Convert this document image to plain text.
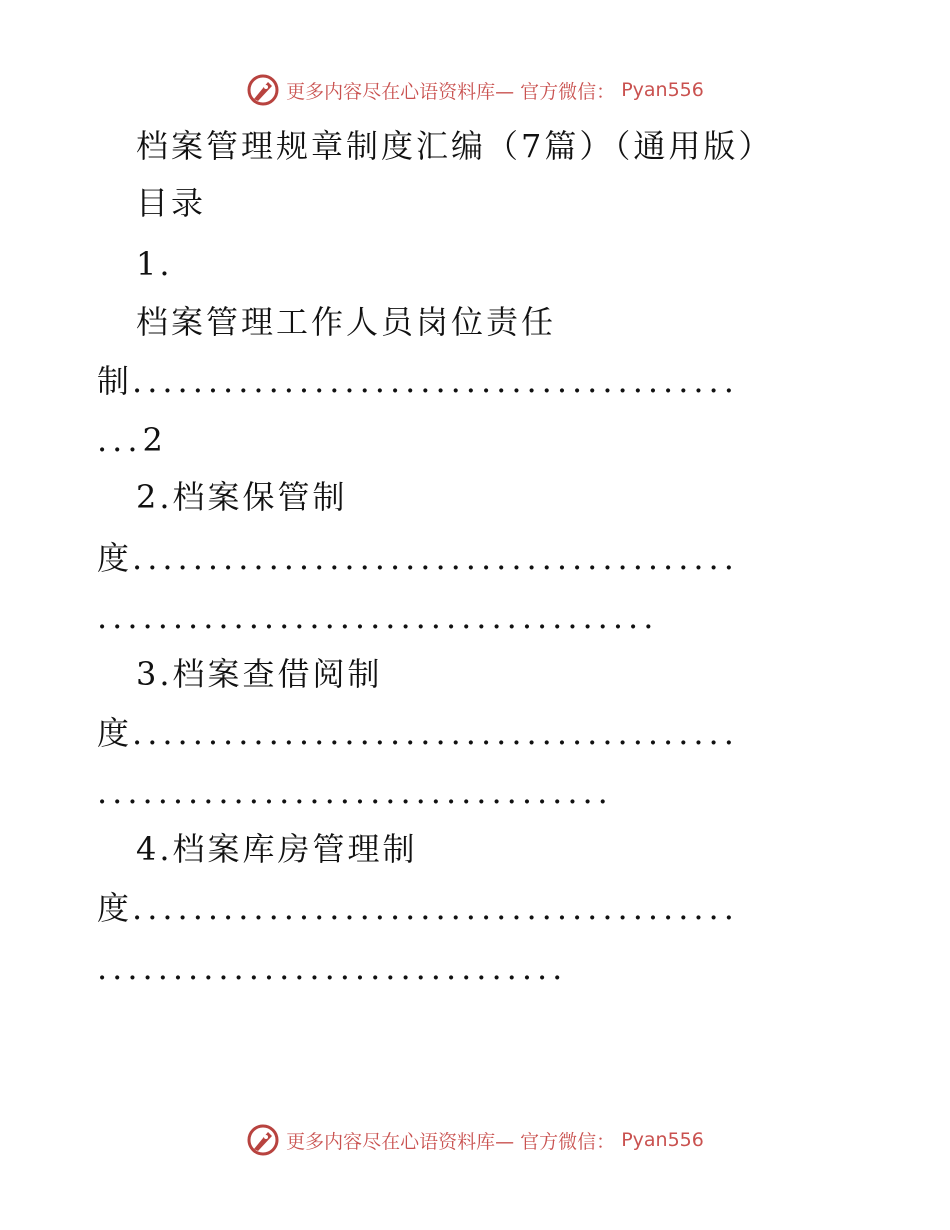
更多内容尽在心语资料库— 官方微信： Pyan556
档案管理规章制度汇编（7篇）（通用版）
目录
1.
档案管理工作人员岗位责任
制........................................
...2
2.档案保管制
度........................................
.....................................
3.档案查借阅制
度........................................
..................................
4.档案库房管理制
度........................................
...............................
更多内容尽在心语资料库— 官方微信： Pyan556
